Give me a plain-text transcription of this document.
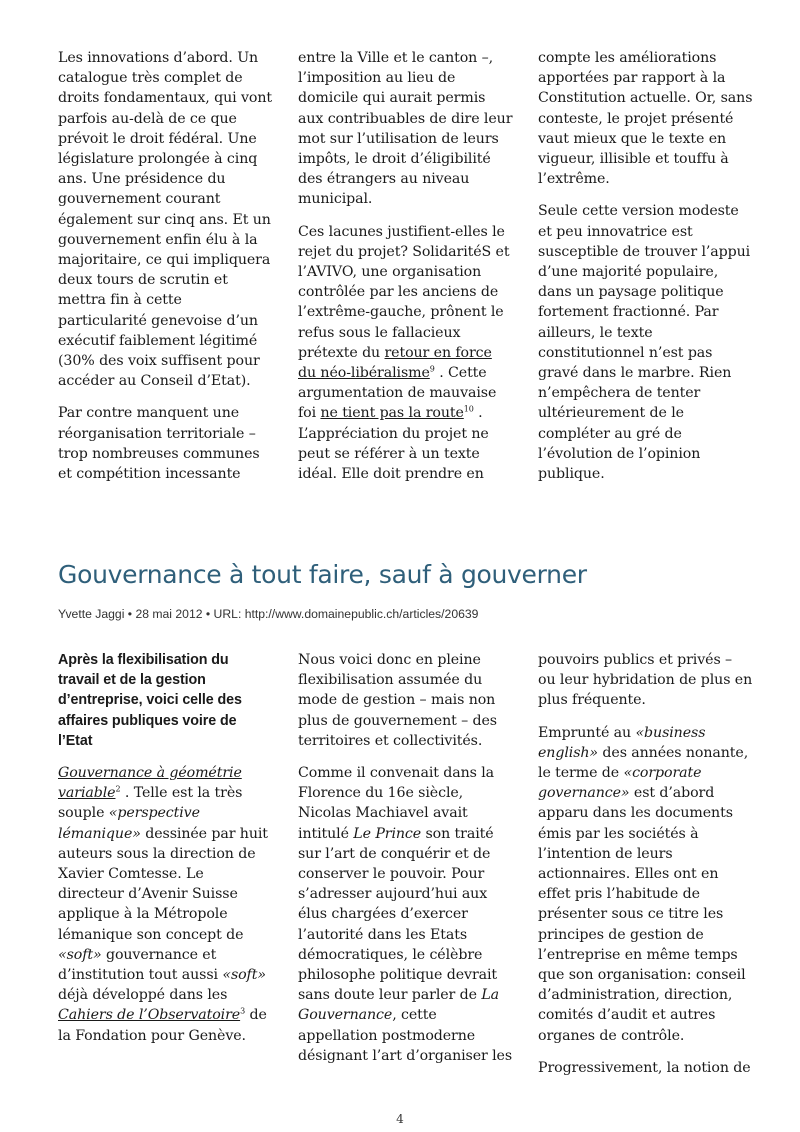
Les innovations d’abord. Un catalogue très complet de droits fondamentaux, qui vont parfois au-delà de ce que prévoit le droit fédéral. Une législature prolongée à cinq ans. Une présidence du gouvernement courant également sur cinq ans. Et un gouvernement enfin élu à la majoritaire, ce qui impliquera deux tours de scrutin et mettra fin à cette particularité genevoise d’un exécutif faiblement légitimé (30% des voix suffisent pour accéder au Conseil d’Etat).

Par contre manquent une réorganisation territoriale – trop nombreuses communes et compétition incessante

entre la Ville et le canton –, l’imposition au lieu de domicile qui aurait permis aux contribuables de dire leur mot sur l’utilisation de leurs impôts, le droit d’éligibilité des étrangers au niveau municipal.

Ces lacunes justifient-elles le rejet du projet? SolidaritéS et l’AVIVO, une organisation contrôlée par les anciens de l’extrême-gauche, prônent le refus sous le fallacieux prétexte du retour en force du néo-libéralisme$^9$ . Cette argumentation de mauvaise foi ne tient pas la route$^{10}$ . L’appréciation du projet ne peut se référer à un texte idéal. Elle doit prendre en

compte les améliorations apportées par rapport à la Constitution actuelle. Or, sans conteste, le projet présenté vaut mieux que le texte en vigueur, illisible et touffu à l’extrême.

Seule cette version modeste et peu innovatrice est susceptible de trouver l’appui d’une majorité populaire, dans un paysage politique fortement fractionné. Par ailleurs, le texte constitutionnel n’est pas gravé dans le marbre. Rien n’empêchera de tenter ultérieurement de le compléter au gré de l’évolution de l’opinion publique.

Gouvernance à tout faire, sauf à gouverner
Yvette Jaggi • 28 mai 2012 • URL: http://www.domainepublic.ch/articles/20639

Après la flexibilisation du travail et de la gestion d’entreprise, voici celle des affaires publiques voire de l’Etat

Gouvernance à géométrie variable$^2$ . Telle est la très souple «perspective lémanique» dessinée par huit auteurs sous la direction de Xavier Comtesse. Le directeur d’Avenir Suisse applique à la Métropole lémanique son concept de «soft» gouvernance et d’institution tout aussi «soft» déjà développé dans les Cahiers de l’Observatoire$^3$ de la Fondation pour Genève.

Nous voici donc en pleine flexibilisation assumée du mode de gestion – mais non plus de gouvernement – des territoires et collectivités.

Comme il convenait dans la Florence du 16e siècle, Nicolas Machiavel avait intitulé Le Prince son traité sur l’art de conquérir et de conserver le pouvoir. Pour s’adresser aujourd’hui aux élus chargées d’exercer l’autorité dans les Etats démocratiques, le célèbre philosophe politique devrait sans doute leur parler de La Gouvernance, cette appellation postmoderne désignant l’art d’organiser les

pouvoirs publics et privés – ou leur hybridation de plus en plus fréquente.

Emprunté au «business english» des années nonante, le terme de «corporate governance» est d’abord apparu dans les documents émis par les sociétés à l’intention de leurs actionnaires. Elles ont en effet pris l’habitude de présenter sous ce titre les principes de gestion de l’entreprise en même temps que son organisation: conseil d’administration, direction, comités d’audit et autres organes de contrôle.

Progressivement, la notion de

4
